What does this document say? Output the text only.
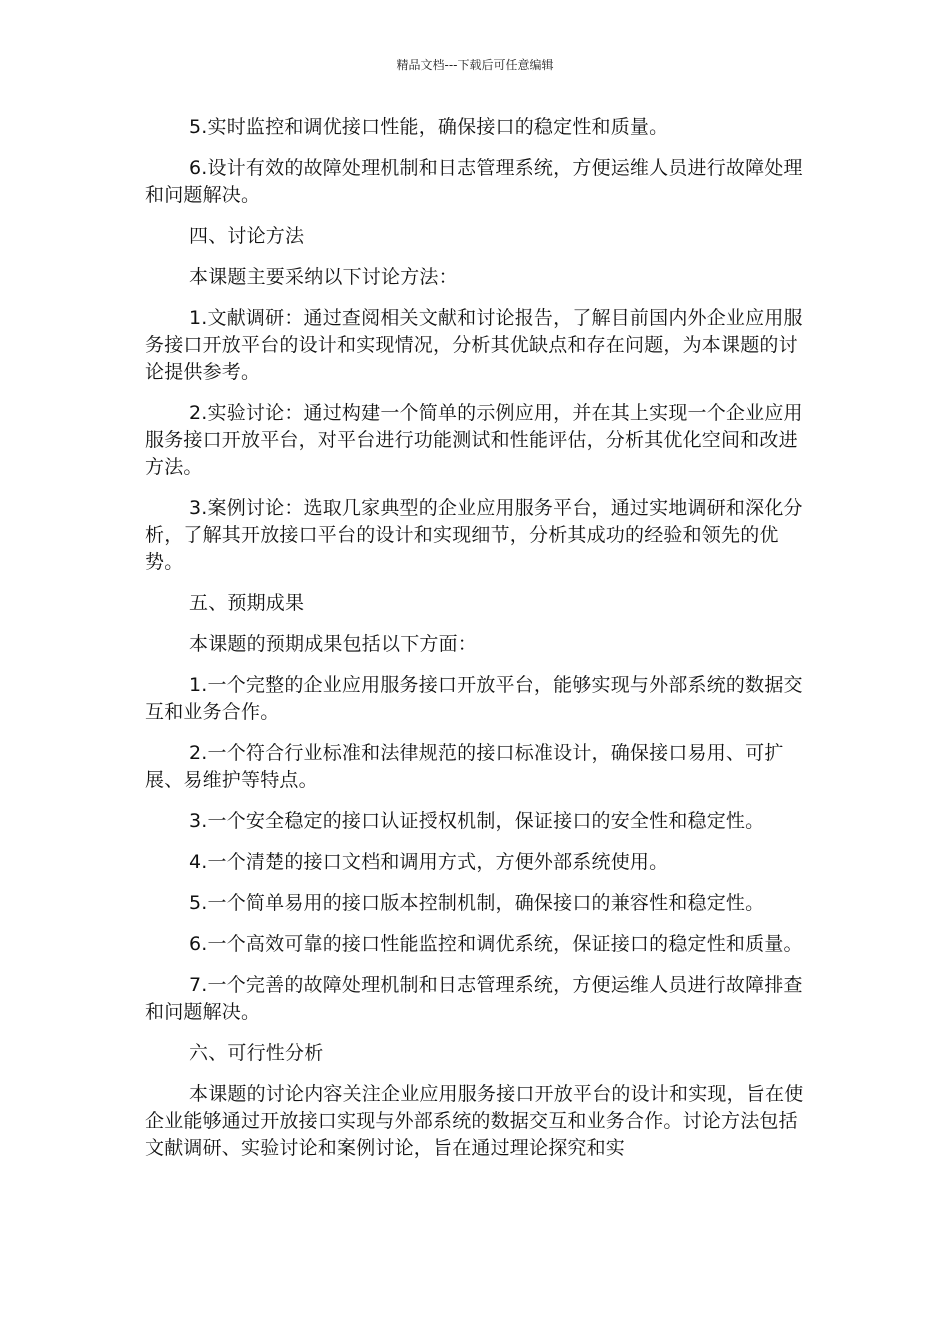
精品文档---下载后可任意编辑

5.实时监控和调优接口性能，确保接口的稳定性和质量。

6.设计有效的故障处理机制和日志管理系统，方便运维人员进行故障处理和问题解决。

四、讨论方法

本课题主要采纳以下讨论方法：

1.文献调研：通过查阅相关文献和讨论报告，了解目前国内外企业应用服务接口开放平台的设计和实现情况，分析其优缺点和存在问题，为本课题的讨论提供参考。

2.实验讨论：通过构建一个简单的示例应用，并在其上实现一个企业应用服务接口开放平台，对平台进行功能测试和性能评估，分析其优化空间和改进方法。

3.案例讨论：选取几家典型的企业应用服务平台，通过实地调研和深化分析，了解其开放接口平台的设计和实现细节，分析其成功的经验和领先的优势。

五、预期成果

本课题的预期成果包括以下方面：

1.一个完整的企业应用服务接口开放平台，能够实现与外部系统的数据交互和业务合作。

2.一个符合行业标准和法律规范的接口标准设计，确保接口易用、可扩展、易维护等特点。

3.一个安全稳定的接口认证授权机制，保证接口的安全性和稳定性。

4.一个清楚的接口文档和调用方式，方便外部系统使用。

5.一个简单易用的接口版本控制机制，确保接口的兼容性和稳定性。

6.一个高效可靠的接口性能监控和调优系统，保证接口的稳定性和质量。

7.一个完善的故障处理机制和日志管理系统，方便运维人员进行故障排查和问题解决。

六、可行性分析

本课题的讨论内容关注企业应用服务接口开放平台的设计和实现，旨在使企业能够通过开放接口实现与外部系统的数据交互和业务合作。讨论方法包括文献调研、实验讨论和案例讨论，旨在通过理论探究和实
